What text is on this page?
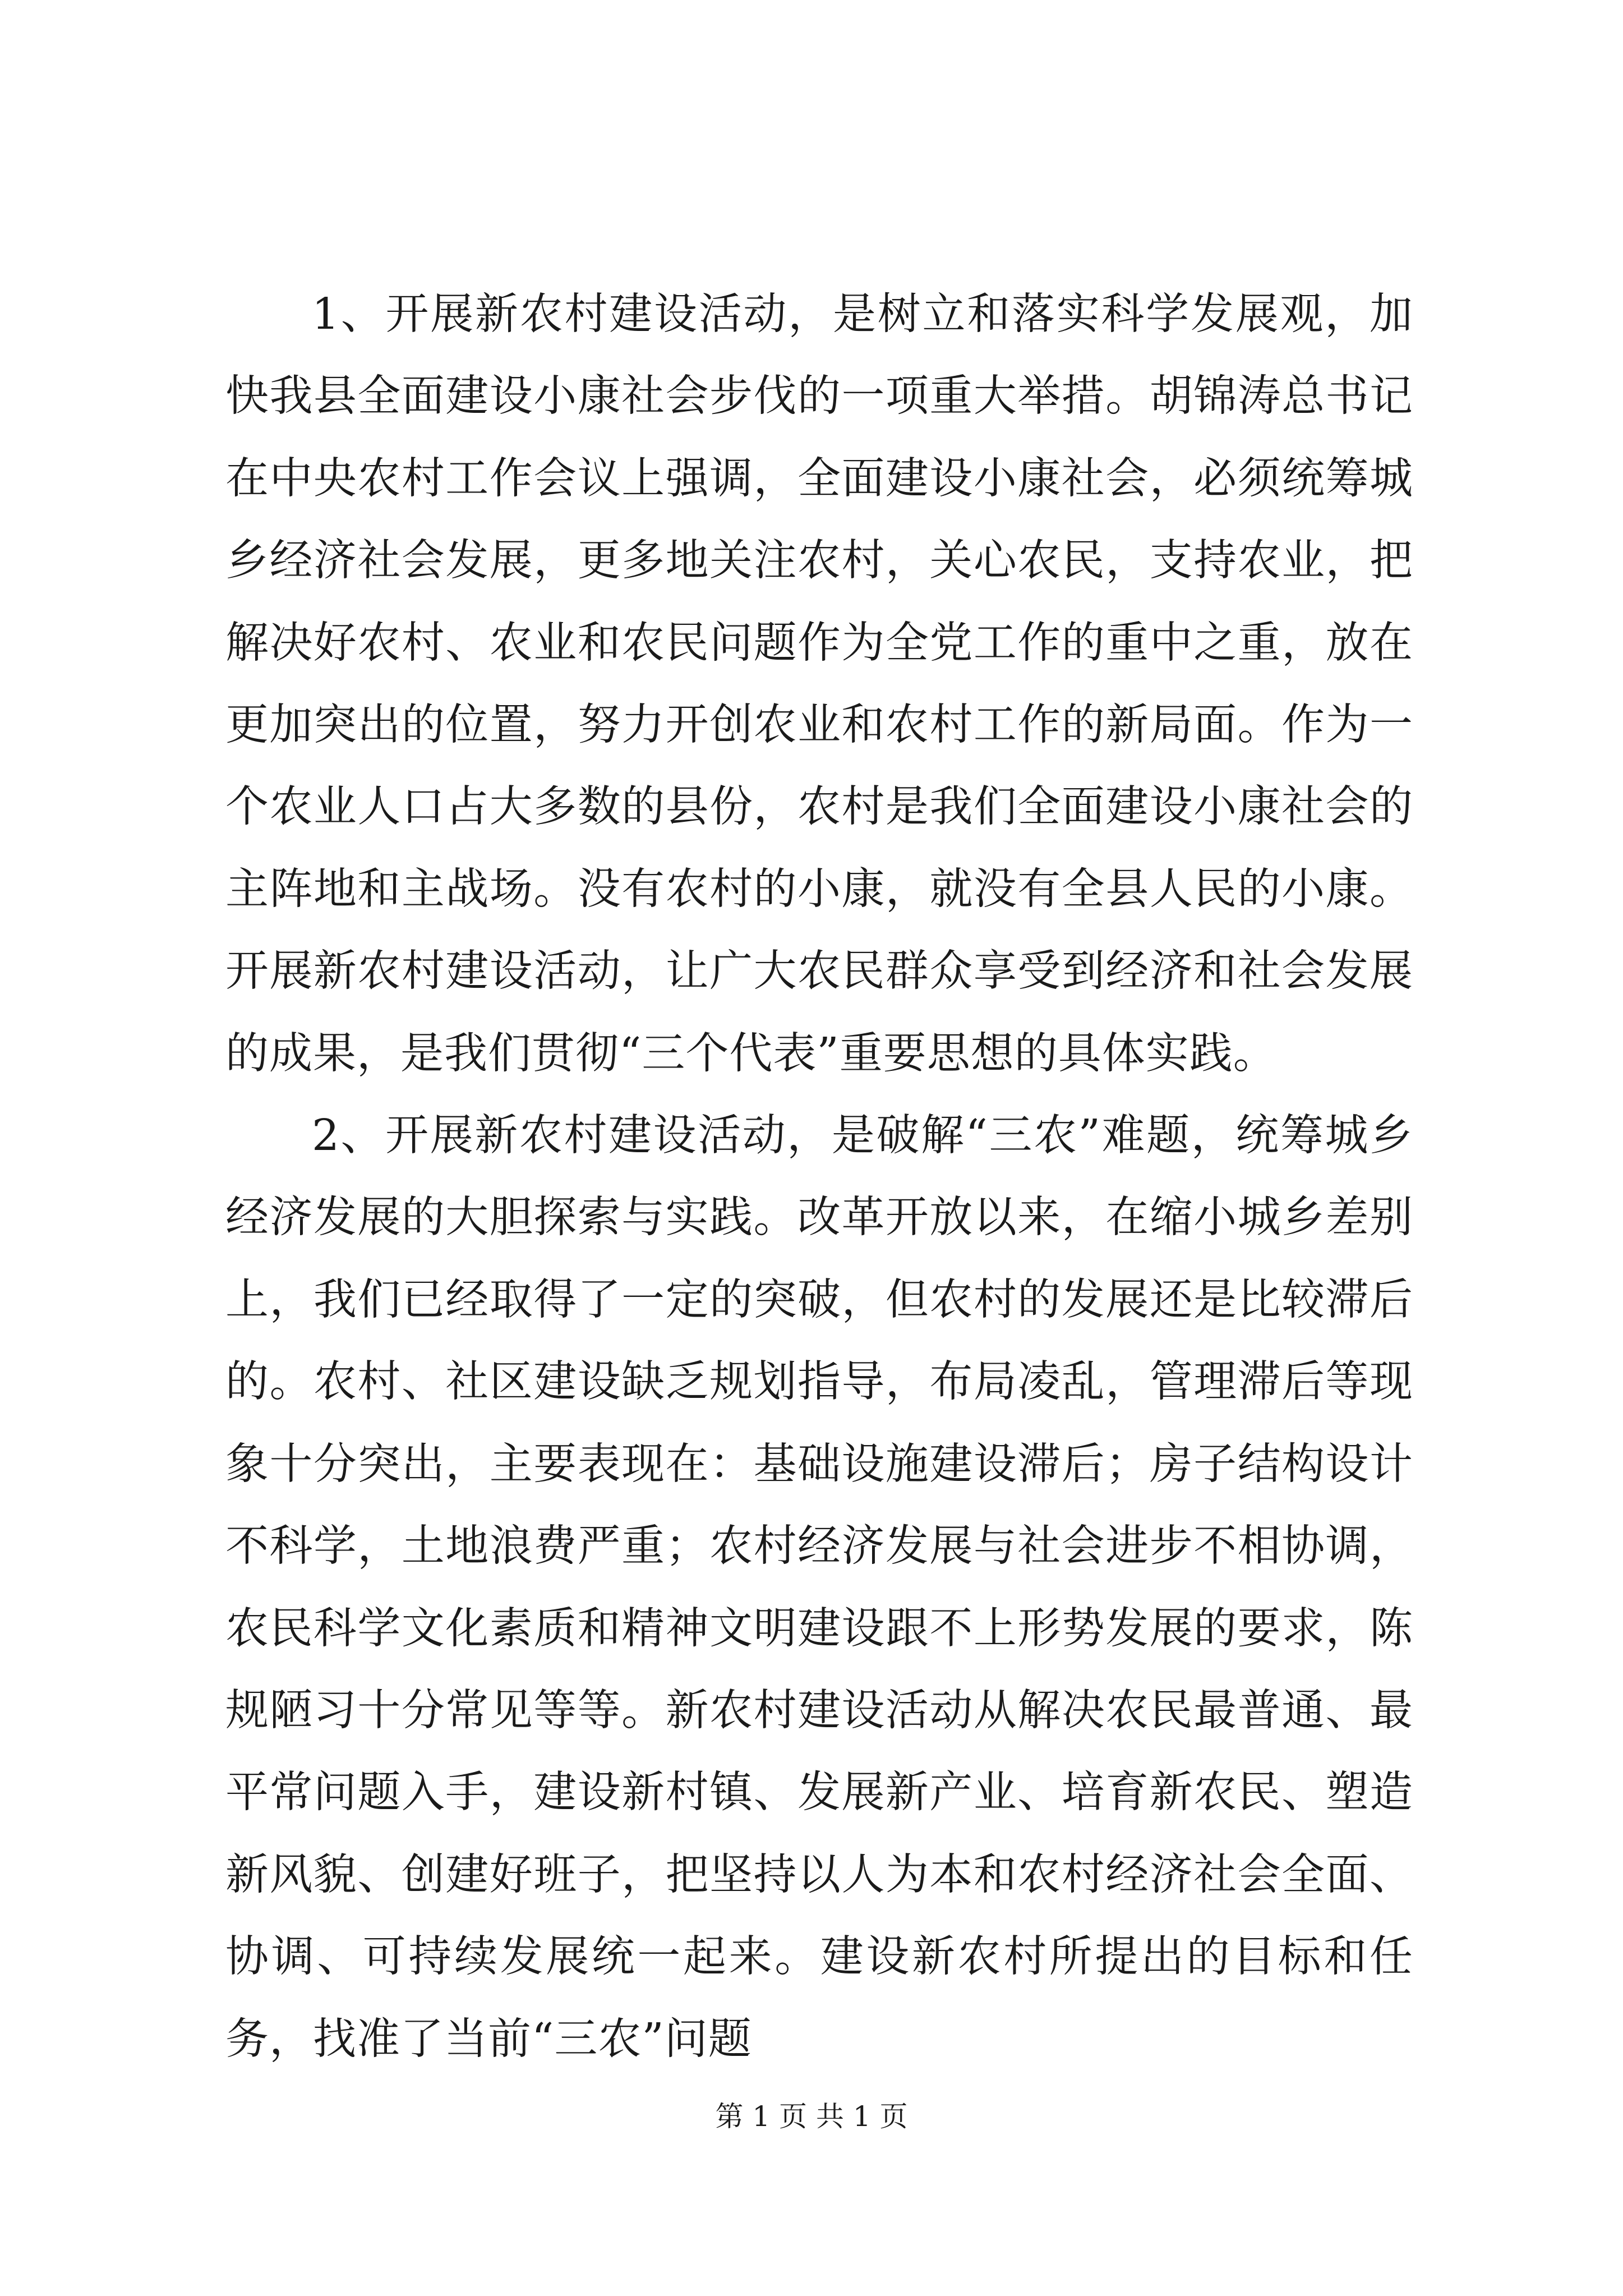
1、开展新农村建设活动，是树立和落实科学发展观，加快我县全面建设小康社会步伐的一项重大举措。胡锦涛总书记在中央农村工作会议上强调，全面建设小康社会，必须统筹城乡经济社会发展，更多地关注农村，关心农民，支持农业，把解决好农村、农业和农民问题作为全党工作的重中之重，放在更加突出的位置，努力开创农业和农村工作的新局面。作为一个农业人口占大多数的县份，农村是我们全面建设小康社会的主阵地和主战场。没有农村的小康，就没有全县人民的小康。开展新农村建设活动，让广大农民群众享受到经济和社会发展的成果，是我们贯彻“三个代表”重要思想的具体实践。

2、开展新农村建设活动，是破解“三农”难题，统筹城乡经济发展的大胆探索与实践。改革开放以来，在缩小城乡差别上，我们已经取得了一定的突破，但农村的发展还是比较滞后的。农村、社区建设缺乏规划指导，布局凌乱，管理滞后等现象十分突出，主要表现在：基础设施建设滞后；房子结构设计不科学，土地浪费严重；农村经济发展与社会进步不相协调，农民科学文化素质和精神文明建设跟不上形势发展的要求，陈规陋习十分常见等等。新农村建设活动从解决农民最普通、最平常问题入手，建设新村镇、发展新产业、培育新农民、塑造新风貌、创建好班子，把坚持以人为本和农村经济社会全面、协调、可持续发展统一起来。建设新农村所提出的目标和任务，找准了当前“三农”问题

第 1 页 共 1 页
